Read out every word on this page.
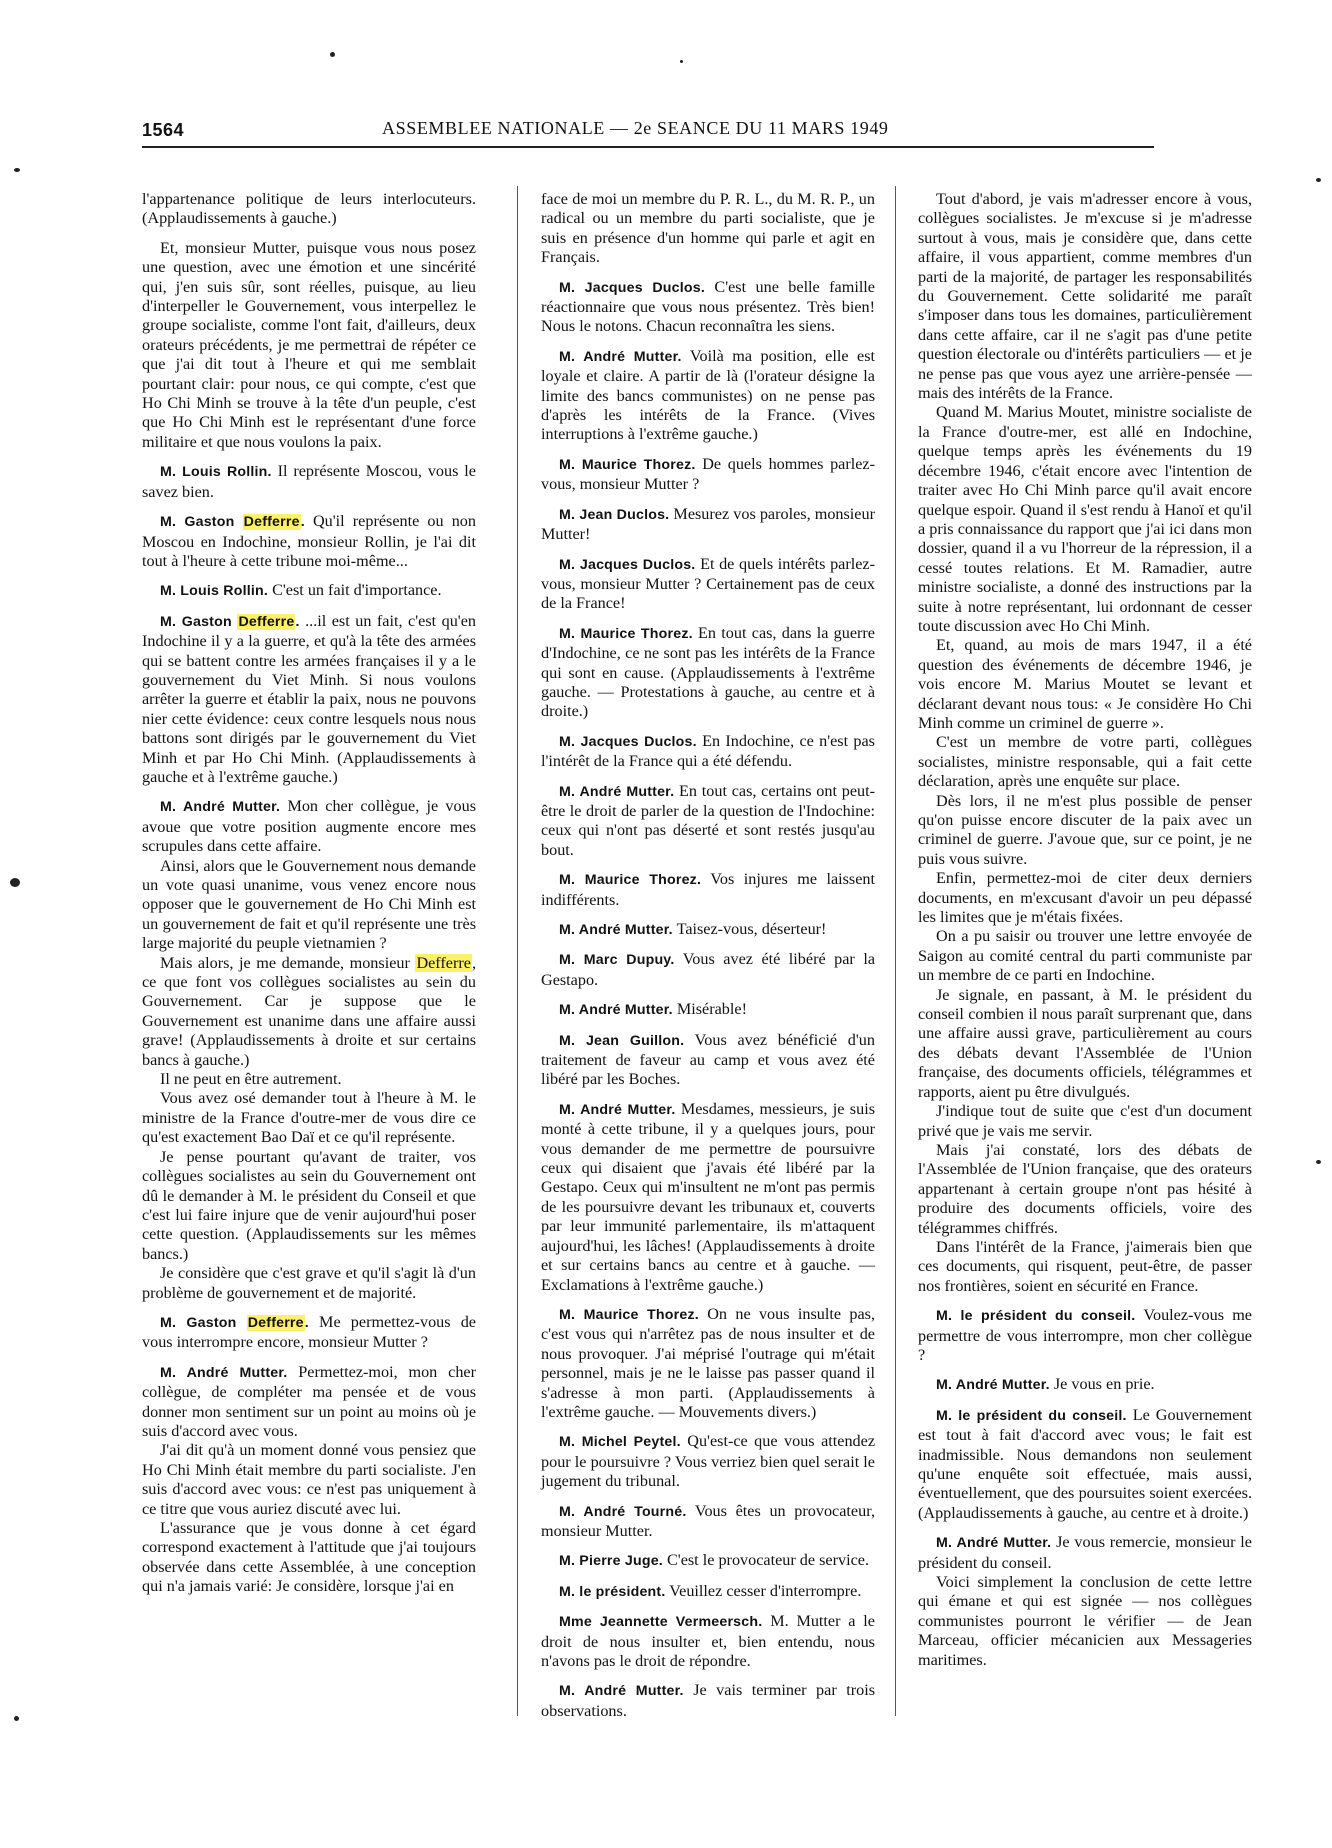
1564	ASSEMBLEE NATIONALE — 2e SEANCE DU 11 MARS 1949

l'appartenance politique de leurs interlocuteurs. (Applaudissements à gauche.)

Et, monsieur Mutter, puisque vous nous posez une question, avec une émotion et une sincérité qui, j'en suis sûr, sont réelles, puisque, au lieu d'interpeller le Gouvernement, vous interpellez le groupe socialiste, comme l'ont fait, d'ailleurs, deux orateurs précédents, je me permettrai de répéter ce que j'ai dit tout à l'heure et qui me semblait pourtant clair: pour nous, ce qui compte, c'est que Ho Chi Minh se trouve à la tête d'un peuple, c'est que Ho Chi Minh est le représentant d'une force militaire et que nous voulons la paix.

M. Louis Rollin. Il représente Moscou, vous le savez bien.

M. Gaston Defferre. Qu'il représente ou non Moscou en Indochine, monsieur Rollin, je l'ai dit tout à l'heure à cette tribune moi-même...

M. Louis Rollin. C'est un fait d'importance.

M. Gaston Defferre. ...il est un fait, c'est qu'en Indochine il y a la guerre, et qu'à la tête des armées qui se battent contre les armées françaises il y a le gouvernement du Viet Minh. Si nous voulons arrêter la guerre et établir la paix, nous ne pouvons nier cette évidence: ceux contre lesquels nous nous battons sont dirigés par le gouvernement du Viet Minh et par Ho Chi Minh. (Applaudissements à gauche et à l'extrême gauche.)

M. André Mutter. Mon cher collègue, je vous avoue que votre position augmente encore mes scrupules dans cette affaire.

Ainsi, alors que le Gouvernement nous demande un vote quasi unanime, vous venez encore nous opposer que le gouvernement de Ho Chi Minh est un gouvernement de fait et qu'il représente une très large majorité du peuple vietnamien ?

Mais alors, je me demande, monsieur Defferre, ce que font vos collègues socialistes au sein du Gouvernement. Car je suppose que le Gouvernement est unanime dans une affaire aussi grave! (Applaudissements à droite et sur certains bancs à gauche.)

Il ne peut en être autrement.

Vous avez osé demander tout à l'heure à M. le ministre de la France d'outre-mer de vous dire ce qu'est exactement Bao Daï et ce qu'il représente.

Je pense pourtant qu'avant de traiter, vos collègues socialistes au sein du Gouvernement ont dû le demander à M. le président du Conseil et que c'est lui faire injure que de venir aujourd'hui poser cette question. (Applaudissements sur les mêmes bancs.)

Je considère que c'est grave et qu'il s'agit là d'un problème de gouvernement et de majorité.

M. Gaston Defferre. Me permettez-vous de vous interrompre encore, monsieur Mutter ?

M. André Mutter. Permettez-moi, mon cher collègue, de compléter ma pensée et de vous donner mon sentiment sur un point au moins où je suis d'accord avec vous.

J'ai dit qu'à un moment donné vous pensiez que Ho Chi Minh était membre du parti socialiste. J'en suis d'accord avec vous: ce n'est pas uniquement à ce titre que vous auriez discuté avec lui.

L'assurance que je vous donne à cet égard correspond exactement à l'attitude que j'ai toujours observée dans cette Assemblée, à une conception qui n'a jamais varié: Je considère, lorsque j'ai en

face de moi un membre du P. R. L., du M. R. P., un radical ou un membre du parti socialiste, que je suis en présence d'un homme qui parle et agit en Français.

M. Jacques Duclos. C'est une belle famille réactionnaire que vous nous présentez. Très bien! Nous le notons. Chacun reconnaîtra les siens.

M. André Mutter. Voilà ma position, elle est loyale et claire. A partir de là (l'orateur désigne la limite des bancs communistes) on ne pense pas d'après les intérêts de la France. (Vives interruptions à l'extrême gauche.)

M. Maurice Thorez. De quels hommes parlez-vous, monsieur Mutter ?

M. Jean Duclos. Mesurez vos paroles, monsieur Mutter!

M. Jacques Duclos. Et de quels intérêts parlez-vous, monsieur Mutter ? Certainement pas de ceux de la France!

M. Maurice Thorez. En tout cas, dans la guerre d'Indochine, ce ne sont pas les intérêts de la France qui sont en cause. (Applaudissements à l'extrême gauche. — Protestations à gauche, au centre et à droite.)

M. Jacques Duclos. En Indochine, ce n'est pas l'intérêt de la France qui a été défendu.

M. André Mutter. En tout cas, certains ont peut-être le droit de parler de la question de l'Indochine: ceux qui n'ont pas déserté et sont restés jusqu'au bout.

M. Maurice Thorez. Vos injures me laissent indifférents.

M. André Mutter. Taisez-vous, déserteur!

M. Marc Dupuy. Vous avez été libéré par la Gestapo.

M. André Mutter. Misérable!

M. Jean Guillon. Vous avez bénéficié d'un traitement de faveur au camp et vous avez été libéré par les Boches.

M. André Mutter. Mesdames, messieurs, je suis monté à cette tribune, il y a quelques jours, pour vous demander de me permettre de poursuivre ceux qui disaient que j'avais été libéré par la Gestapo. Ceux qui m'insultent ne m'ont pas permis de les poursuivre devant les tribunaux et, couverts par leur immunité parlementaire, ils m'attaquent aujourd'hui, les lâches! (Applaudissements à droite et sur certains bancs au centre et à gauche. — Exclamations à l'extrême gauche.)

M. Maurice Thorez. On ne vous insulte pas, c'est vous qui n'arrêtez pas de nous insulter et de nous provoquer. J'ai méprisé l'outrage qui m'était personnel, mais je ne le laisse pas passer quand il s'adresse à mon parti. (Applaudissements à l'extrême gauche. — Mouvements divers.)

M. Michel Peytel. Qu'est-ce que vous attendez pour le poursuivre ? Vous verriez bien quel serait le jugement du tribunal.

M. André Tourné. Vous êtes un provocateur, monsieur Mutter.

M. Pierre Juge. C'est le provocateur de service.

M. le président. Veuillez cesser d'interrompre.

Mme Jeannette Vermeersch. M. Mutter a le droit de nous insulter et, bien entendu, nous n'avons pas le droit de répondre.

M. André Mutter. Je vais terminer par trois observations.

Tout d'abord, je vais m'adresser encore à vous, collègues socialistes. Je m'excuse si je m'adresse surtout à vous, mais je considère que, dans cette affaire, il vous appartient, comme membres d'un parti de la majorité, de partager les responsabilités du Gouvernement. Cette solidarité me paraît s'imposer dans tous les domaines, particulièrement dans cette affaire, car il ne s'agit pas d'une petite question électorale ou d'intérêts particuliers — et je ne pense pas que vous ayez une arrière-pensée — mais des intérêts de la France.

Quand M. Marius Moutet, ministre socialiste de la France d'outre-mer, est allé en Indochine, quelque temps après les événements du 19 décembre 1946, c'était encore avec l'intention de traiter avec Ho Chi Minh parce qu'il avait encore quelque espoir. Quand il s'est rendu à Hanoï et qu'il a pris connaissance du rapport que j'ai ici dans mon dossier, quand il a vu l'horreur de la répression, il a cessé toutes relations. Et M. Ramadier, autre ministre socialiste, a donné des instructions par la suite à notre représentant, lui ordonnant de cesser toute discussion avec Ho Chi Minh.

Et, quand, au mois de mars 1947, il a été question des événements de décembre 1946, je vois encore M. Marius Moutet se levant et déclarant devant nous tous: « Je considère Ho Chi Minh comme un criminel de guerre ».

C'est un membre de votre parti, collègues socialistes, ministre responsable, qui a fait cette déclaration, après une enquête sur place.

Dès lors, il ne m'est plus possible de penser qu'on puisse encore discuter de la paix avec un criminel de guerre. J'avoue que, sur ce point, je ne puis vous suivre.

Enfin, permettez-moi de citer deux derniers documents, en m'excusant d'avoir un peu dépassé les limites que je m'étais fixées.

On a pu saisir ou trouver une lettre envoyée de Saigon au comité central du parti communiste par un membre de ce parti en Indochine.

Je signale, en passant, à M. le président du conseil combien il nous paraît surprenant que, dans une affaire aussi grave, particulièrement au cours des débats devant l'Assemblée de l'Union française, des documents officiels, télégrammes et rapports, aient pu être divulgués.

J'indique tout de suite que c'est d'un document privé que je vais me servir.

Mais j'ai constaté, lors des débats de l'Assemblée de l'Union française, que des orateurs appartenant à certain groupe n'ont pas hésité à produire des documents officiels, voire des télégrammes chiffrés.

Dans l'intérêt de la France, j'aimerais bien que ces documents, qui risquent, peut-être, de passer nos frontières, soient en sécurité en France.

M. le président du conseil. Voulez-vous me permettre de vous interrompre, mon cher collègue ?

M. André Mutter. Je vous en prie.

M. le président du conseil. Le Gouvernement est tout à fait d'accord avec vous; le fait est inadmissible. Nous demandons non seulement qu'une enquête soit effectuée, mais aussi, éventuellement, que des poursuites soient exercées. (Applaudissements à gauche, au centre et à droite.)

M. André Mutter. Je vous remercie, monsieur le président du conseil.

Voici simplement la conclusion de cette lettre qui émane et qui est signée — nos collègues communistes pourront le vérifier — de Jean Marceau, officier mécanicien aux Messageries maritimes.
